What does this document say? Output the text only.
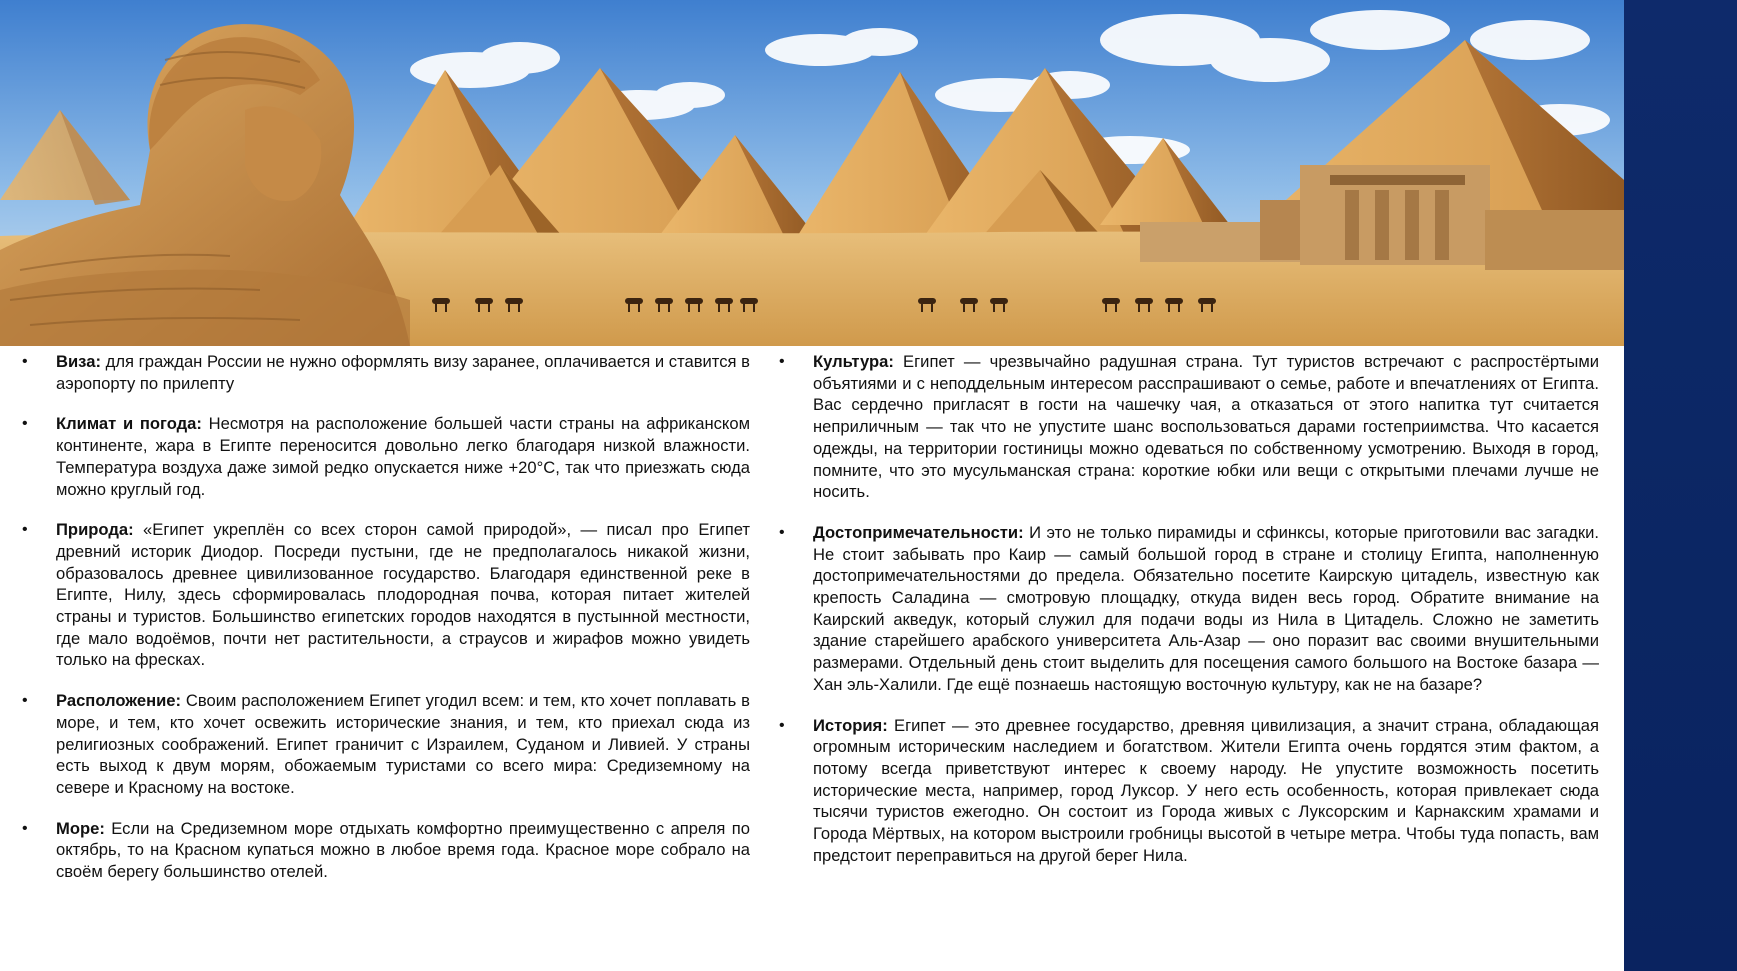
• Виза: для граждан России не нужно оформлять визу заранее, оплачивается и ставится в аэропорту по прилепту
• Климат и погода: Несмотря на расположение большей части страны на африканском континенте, жара в Египте переносится довольно легко благодаря низкой влажности. Температура воздуха даже зимой редко опускается ниже +20°С, так что приезжать сюда можно круглый год.
• Природа: «Египет укреплён со всех сторон самой природой», — писал про Египет древний историк Диодор. Посреди пустыни, где не предполагалось никакой жизни, образовалось древнее цивилизованное государство. Благодаря единственной реке в Египте, Нилу, здесь сформировалась плодородная почва, которая питает жителей страны и туристов. Большинство египетских городов находятся в пустынной местности, где мало водоёмов, почти нет растительности, а страусов и жирафов можно увидеть только на фресках.
• Расположение: Своим расположением Египет угодил всем: и тем, кто хочет поплавать в море, и тем, кто хочет освежить исторические знания, и тем, кто приехал сюда из религиозных соображений. Египет граничит с Израилем, Суданом и Ливией. У страны есть выход к двум морям, обожаемым туристами со всего мира: Средиземному на севере и Красному на востоке.
• Море: Если на Средиземном море отдыхать комфортно преимущественно с апреля по октябрь, то на Красном купаться можно в любое время года. Красное море собрало на своём берегу большинство отелей.
• Культура: Египет — чрезвычайно радушная страна. Тут туристов встречают с распростёртыми объятиями и с неподдельным интересом расспрашивают о семье, работе и впечатлениях от Египта. Вас сердечно пригласят в гости на чашечку чая, а отказаться от этого напитка тут считается неприличным — так что не упустите шанс воспользоваться дарами гостеприимства. Что касается одежды, на территории гостиницы можно одеваться по собственному усмотрению. Выходя в город, помните, что это мусульманская страна: короткие юбки или вещи с открытыми плечами лучше не носить.
• Достопримечательности: И это не только пирамиды и сфинксы, которые приготовили вас загадки. Не стоит забывать про Каир — самый большой город в стране и столицу Египта, наполненную достопримечательностями до предела. Обязательно посетите Каирскую цитадель, известную как крепость Саладина — смотровую площадку, откуда виден весь город. Обратите внимание на Каирский акведук, который служил для подачи воды из Нила в Цитадель. Сложно не заметить здание старейшего арабского университета Аль-Азар — оно поразит вас своими внушительными размерами. Отдельный день стоит выделить для посещения самого большого на Востоке базара — Хан эль-Халили. Где ещё познаешь настоящую восточную культуру, как не на базаре?
• История: Египет — это древнее государство, древняя цивилизация, а значит страна, обладающая огромным историческим наследием и богатством. Жители Египта очень гордятся этим фактом, а потому всегда приветствуют интерес к своему народу. Не упустите возможность посетить исторические места, например, город Луксор. У него есть особенность, которая привлекает сюда тысячи туристов ежегодно. Он состоит из Города живых с Луксорским и Карнакским храмами и Города Мёртвых, на котором выстроили гробницы высотой в четыре метра. Чтобы туда попасть, вам предстоит переправиться на другой берег Нила.
